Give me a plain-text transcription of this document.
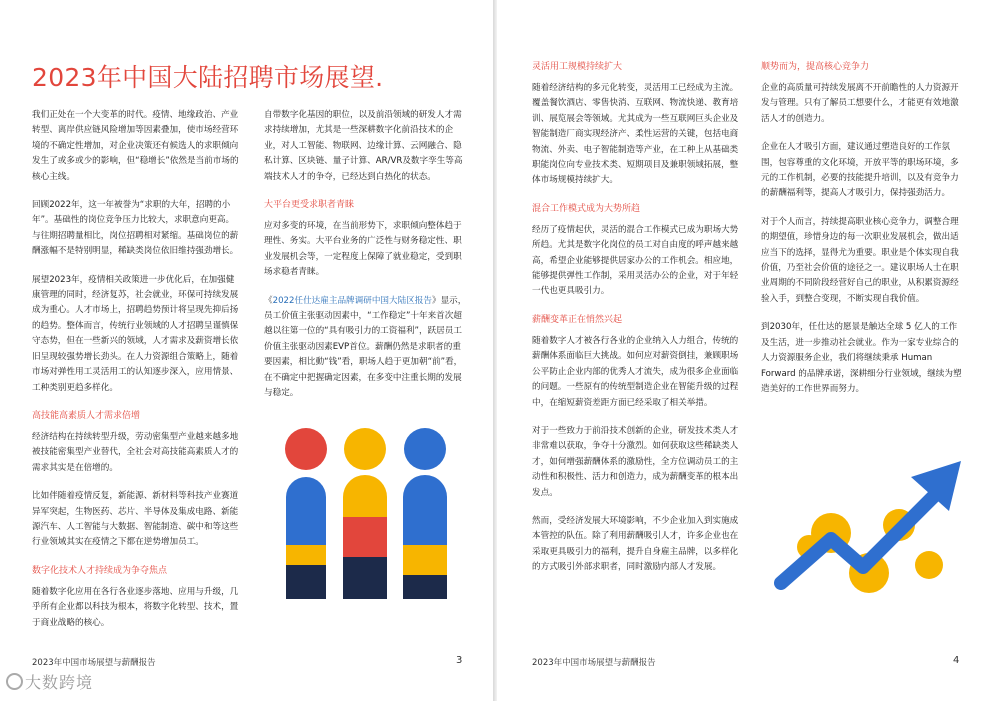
2023年中国大陆招聘市场展望.

我们正处在一个大变革的时代。疫情、地缘政治、产业转型、离岸供应链风险增加等因素叠加，使市场经营环境的不确定性增加，对企业决策还有候选人的求职倾向发生了或多或少的影响，但“稳增长”依然是当前市场的核心主线。

回顾2022年，这一年被誉为“求职的大年，招聘的小年”。基础性的岗位竞争压力比较大，求职意向更高。与往期招聘量相比，岗位招聘相对紧缩。基础岗位的薪酬涨幅不是特别明显，稀缺类岗位依旧维持强劲增长。

展望2023年，疫情相关政策进一步优化后，在加强健康管理的同时，经济复苏，社会就业，环保可持续发展成为重心。人才市场上，招聘趋势预计将呈现先抑后扬的趋势。整体而言，传统行业领域的人才招聘呈谨慎保守态势，但在一些新兴的领域，人才需求及薪资增长依旧呈现较强势增长劲头。在人力资源组合策略上，随着市场对弹性用工灵活用工的认知逐步深入，应用情景、工种类别更趋多样化。

高技能高素质人才需求倍增

经济结构在持续转型升级，劳动密集型产业越来越多地被技能密集型产业替代，全社会对高技能高素质人才的需求其实是在倍增的。

比如伴随着疫情反复，新能源、新材料等科技产业赛道异军突起，生物医药、芯片、半导体及集成电路、新能源汽车、人工智能与大数据、智能制造、碳中和等这些行业领域其实在疫情之下都在逆势增加员工。

数字化技术人才持续成为争夺焦点

随着数字化应用在各行各业逐步落地、应用与升级，几乎所有企业都以科技为根本，将数字化转型、技术，置于商业战略的核心。

自带数字化基因的职位，以及前沿领域的研发人才需求持续增加，尤其是一些深耕数字化前沿技术的企业，对人工智能、物联网、边缘计算、云网融合、隐私计算、区块链、量子计算、AR/VR及数字孪生等高端技术人才的争夺，已经达到白热化的状态。

大平台更受求职者青睐

应对多变的环境，在当前形势下，求职倾向整体趋于理性、务实。大平台业务的广泛性与财务稳定性、职业发展机会等，一定程度上保障了就业稳定，受到职场求稳者青睐。

《2022任仕达雇主品牌调研中国大陆区报告》显示，员工价值主张驱动因素中，“工作稳定”十年来首次超越以往第一位的“具有吸引力的工资福利”，跃居员工价值主张驱动因素EVP首位。薪酬仍然是求职者的重要因素，相比動“钱”看，职场人趋于更加朝“前”看，在不确定中把握确定因素，在多变中注重长期的发展与稳定。

2023年中国市场展望与薪酬报告	3
大数跨境
灵活用工规模持续扩大

随着经济结构的多元化转变，灵活用工已经成为主流。覆盖餐饮酒店、零售快消、互联网、物流快递、教育培训、展览展会等领域。尤其成为一些互联网巨头企业及智能制造厂商实现经济产、柔性运营的关键，包括电商物流、外卖、电子智能制造等产业，在工种上从基础类职能岗位向专业技术类、短期项目及兼职领域拓展，整体市场规模持续扩大。

混合工作模式成为大势所趋

经历了疫情起伏，灵活的混合工作模式已成为职场大势所趋。尤其是数字化岗位的员工对自由度的呼声越来越高，希望企业能够提供居家办公的工作机会。相应地，能够提供弹性工作制，采用灵活办公的企业，对于年轻一代也更具吸引力。

薪酬变革正在悄然兴起

随着数字人才被各行各业的企业纳入人力组合，传统的薪酬体系面临巨大挑战。如何应对薪资倒挂，兼顾职场公平防止企业内部的优秀人才流失，成为很多企业面临的问题。一些原有的传统型制造企业在智能升级的过程中，在缩短薪资差距方面已经采取了相关举措。

对于一些致力于前沿技术创新的企业，研发技术类人才非常难以获取，争夺十分激烈。如何获取这些稀缺类人才，如何增强薪酬体系的激励性，全方位调动员工的主动性和积极性、活力和创造力，成为薪酬变革的根本出发点。

然而，受经济发展大环境影响，不少企业加入到实施成本管控的队伍。除了利用薪酬吸引人才，许多企业也在采取更具吸引力的福利，提升自身雇主品牌，以多样化的方式吸引外部求职者，同时激励内部人才发展。

顺势而为，提高核心竞争力

企业的高质量可持续发展离不开前瞻性的人力资源开发与管理。只有了解员工想要什么，才能更有效地激活人才的创造力。

企业在人才吸引方面，建议通过塑造良好的工作氛围，包容尊重的文化环境，开放平等的职场环境，多元的工作机制，必要的技能提升培训，以及有竞争力的薪酬福利等，提高人才吸引力，保持强劲活力。

对于个人而言，持续提高职业核心竞争力，调整合理的期望值，珍惜身边的每一次职业发展机会，做出适应当下的选择，显得尤为重要。职业是个体实现自我价值，乃至社会价值的途径之一。建议职场人士在职业周期的不同阶段经营好自己的职业，从积累资源经验入手，到整合变现，不断实现自我价值。

到2030年，任仕达的愿景是触达全球 5 亿人的工作及生活，进一步推动社会就业。作为一家专业综合的人力资源服务企业，我们将继续秉承 Human Forward 的品牌承诺，深耕细分行业领域，继续为塑造美好的工作世界而努力。

2023年中国市场展望与薪酬报告	4
